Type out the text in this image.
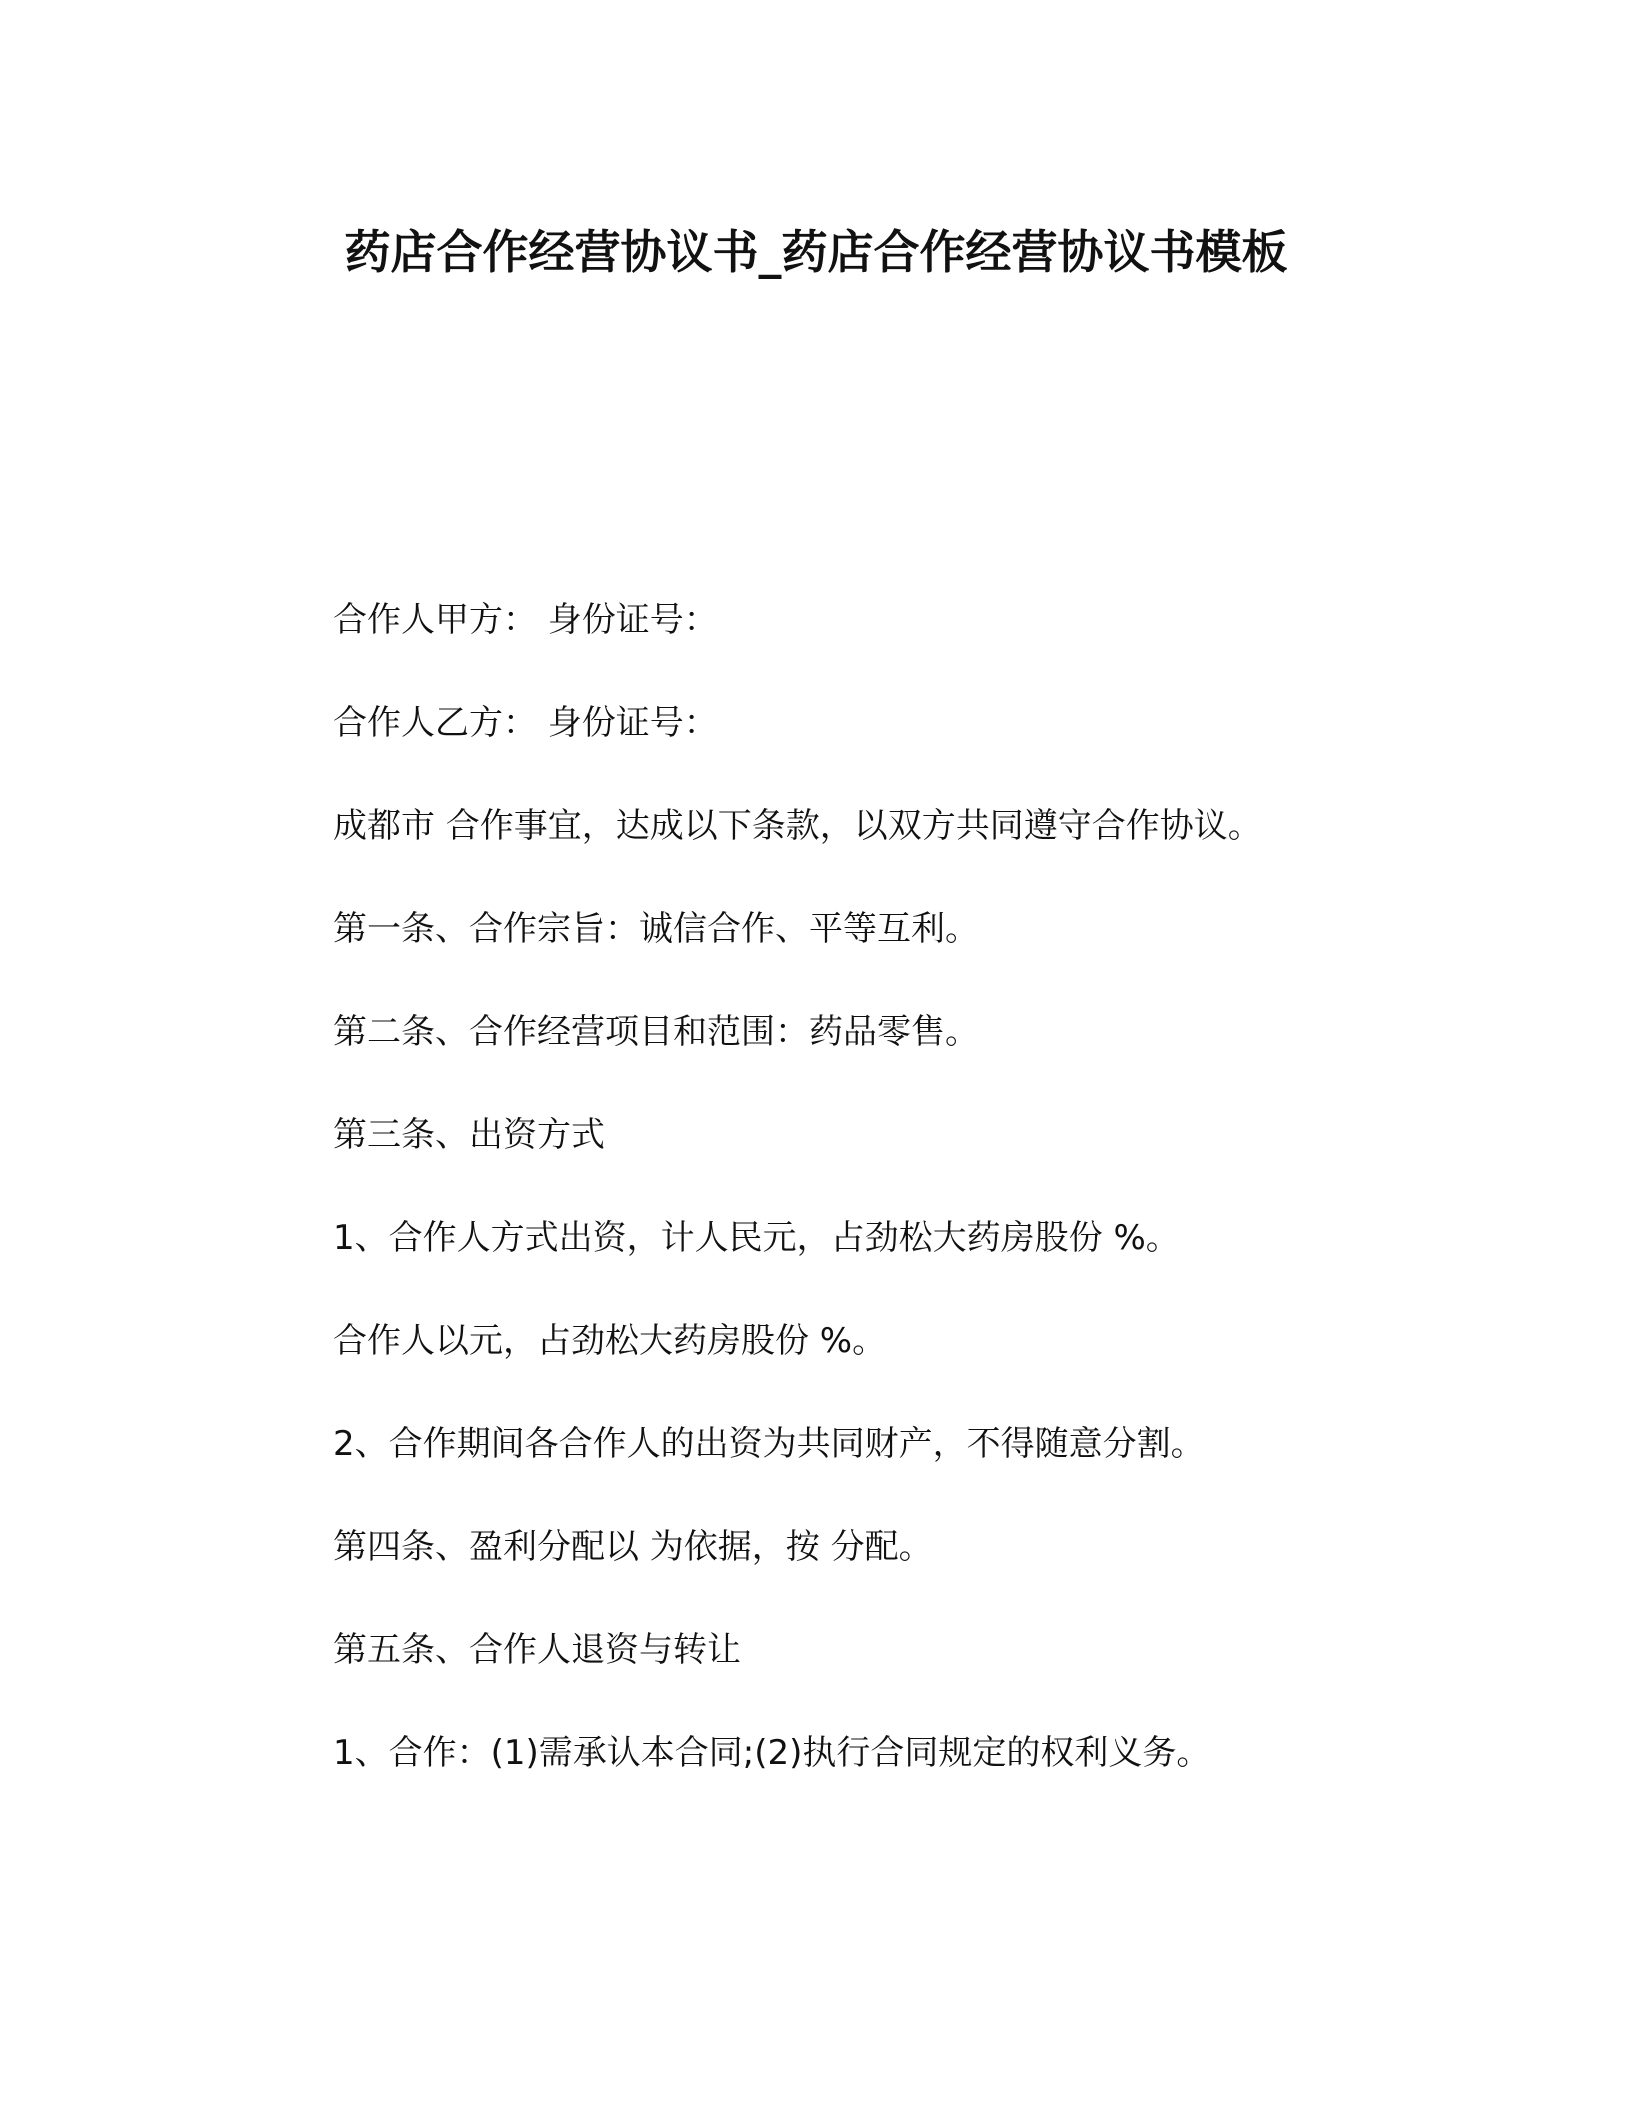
药店合作经营协议书_药店合作经营协议书模板

合作人甲方： 身份证号：

合作人乙方： 身份证号：

成都市 合作事宜，达成以下条款，以双方共同遵守合作协议。

第一条、合作宗旨：诚信合作、平等互利。

第二条、合作经营项目和范围：药品零售。

第三条、出资方式

1、合作人方式出资，计人民元，占劲松大药房股份 %。

合作人以元，占劲松大药房股份 %。

2、合作期间各合作人的出资为共同财产，不得随意分割。

第四条、盈利分配以 为依据，按 分配。

第五条、合作人退资与转让

1、合作：(1)需承认本合同;(2)执行合同规定的权利义务。
